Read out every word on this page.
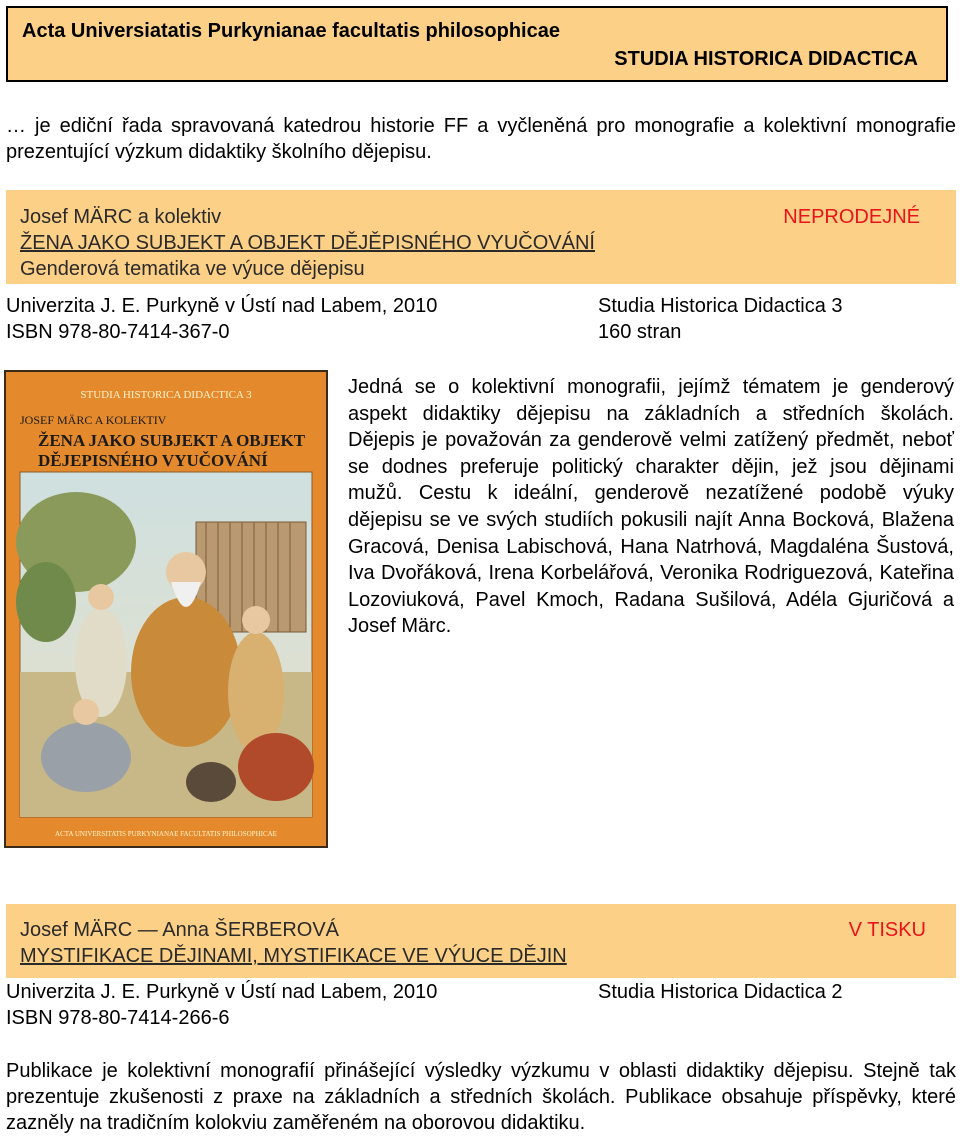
Acta Universiatatis Purkynianae facultatis philosophicae
STUDIA HISTORICA DIDACTICA
… je ediční řada spravovaná katedrou historie FF a vyčleněná pro monografie a kolektivní monografie prezentující výzkum didaktiky školního dějepisu.
Josef MÄRC a kolektiv	NEPRODEJNÉ
ŽENA JAKO SUBJEKT A OBJEKT DĚJĚPISNÉHO VYUČOVÁNÍ
Genderová tematika ve výuce dějepisu
Univerzita J. E. Purkyně v Ústí nad Labem, 2010	Studia Historica Didactica 3
ISBN 978-80-7414-367-0	160 stran
STUDIA HISTORICA DIDACTICA 3
JOSEF MÄRC A KOLEKTIV
ŽENA JAKO SUBJEKT A OBJEKT
DĚJEPISNÉHO VYUČOVÁNÍ
ACTA UNIVERSITATIS PURKYNIANAE FACULTATIS PHILOSOPHICAE
Jedná se o kolektivní monografii, jejímž tématem je genderový aspekt didaktiky dějepisu na základních a středních školách. Dějepis je považován za genderově velmi zatížený předmět, neboť se dodnes preferuje politický charakter dějin, jež jsou dějinami mužů. Cestu k ideální, genderově nezatížené podobě výuky dějepisu se ve svých studiích pokusili najít Anna Bocková, Blažena Gracová, Denisa Labischová, Hana Natrhová, Magdaléna Šustová, Iva Dvořáková, Irena Korbelářová, Veronika Rodriguezová, Kateřina Lozoviuková, Pavel Kmoch, Radana Sušilová, Adéla Gjuričová a Josef Märc.
Josef MÄRC — Anna ŠERBEROVÁ	V TISKU
MYSTIFIKACE DĚJINAMI, MYSTIFIKACE VE VÝUCE DĚJIN
Univerzita J. E. Purkyně v Ústí nad Labem, 2010	Studia Historica Didactica 2
ISBN 978-80-7414-266-6
Publikace je kolektivní monografií přinášející výsledky výzkumu v oblasti didaktiky dějepisu. Stejně tak prezentuje zkušenosti z praxe na základních a středních školách. Publikace obsahuje příspěvky, které zazněly na tradičním kolokviu zaměřeném na oborovou didaktiku.
